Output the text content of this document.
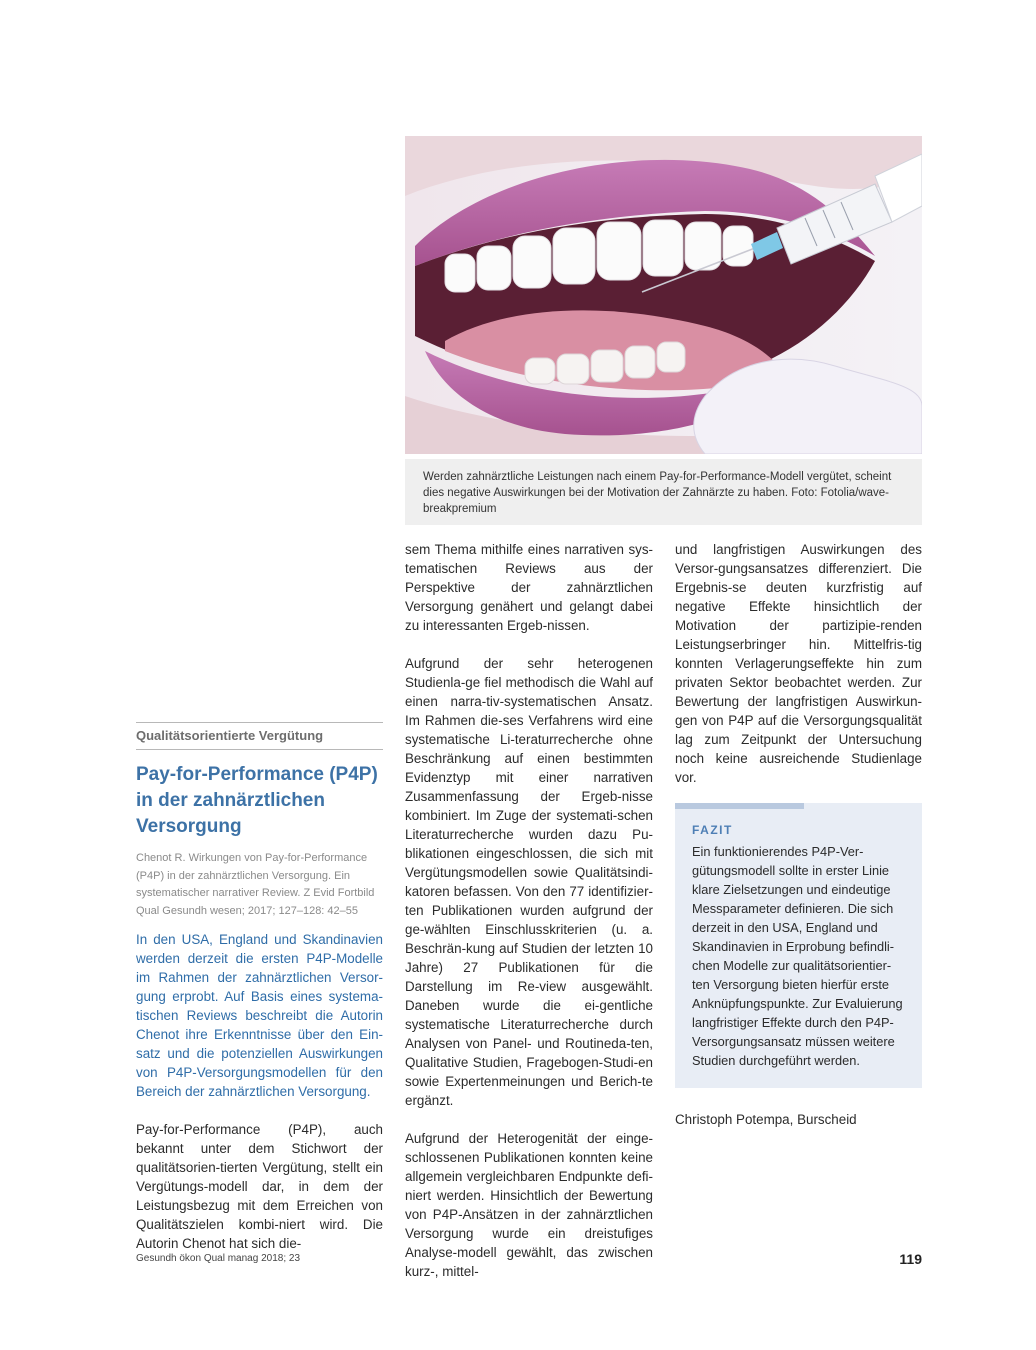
Werden zahnärztliche Leistungen nach einem Pay-for-Performance-Modell vergütet, scheint dies negative Auswirkungen bei der Motivation der Zahnärzte zu haben. Foto: Fotolia/wave-breakpremium
Qualitätsorientierte Vergütung
Pay-for-Performance (P4P) in der zahnärztlichen Versorgung
Chenot R. Wirkungen von Pay-for-Performance (P4P) in der zahnärztlichen Versorgung. Ein systematischer narrativer Review. Z Evid Fortbild Qual Gesundh wesen; 2017; 127–128: 42–55

In den USA, England und Skandinavien werden derzeit die ersten P4P-Modelle im Rahmen der zahnärztlichen Versor-gung erprobt. Auf Basis eines systema-tischen Reviews beschreibt die Autorin Chenot ihre Erkenntnisse über den Ein-satz und die potenziellen Auswirkungen von P4P-Versorgungsmodellen für den Bereich der zahnärztlichen Versorgung.

Pay-for-Performance (P4P), auch bekannt unter dem Stichwort der qualitätsorien-tierten Vergütung, stellt ein Vergütungs-modell dar, in dem der Leistungsbezug mit dem Erreichen von Qualitätszielen kombi-niert wird. Die Autorin Chenot hat sich die-

sem Thema mithilfe eines narrativen sys-tematischen Reviews aus der Perspektive der zahnärztlichen Versorgung genähert und gelangt dabei zu interessanten Ergeb-nissen.

Aufgrund der sehr heterogenen Studienla-ge fiel methodisch die Wahl auf einen narra-tiv-systematischen Ansatz. Im Rahmen die-ses Verfahrens wird eine systematische Li-teraturrecherche ohne Beschränkung auf einen bestimmten Evidenztyp mit einer narrativen Zusammenfassung der Ergeb-nisse kombiniert. Im Zuge der systemati-schen Literaturrecherche wurden dazu Pu-blikationen eingeschlossen, die sich mit Vergütungsmodellen sowie Qualitätsindi-katoren befassen. Von den 77 identifizier-ten Publikationen wurden aufgrund der ge-wählten Einschlusskriterien (u. a. Beschrän-kung auf Studien der letzten 10 Jahre) 27 Publikationen für die Darstellung im Re-view ausgewählt. Daneben wurde die ei-gentliche systematische Literaturrecherche durch Analysen von Panel- und Routineda-ten, Qualitative Studien, Fragebogen-Studi-en sowie Expertenmeinungen und Berich-te ergänzt.

Aufgrund der Heterogenität der einge-schlossenen Publikationen konnten keine allgemein vergleichbaren Endpunkte defi-niert werden. Hinsichtlich der Bewertung von P4P-Ansätzen in der zahnärztlichen Versorgung wurde ein dreistufiges Analyse-modell gewählt, das zwischen kurz-, mittel-

und langfristigen Auswirkungen des Versor-gungsansatzes differenziert. Die Ergebnis-se deuten kurzfristig auf negative Effekte hinsichtlich der Motivation der partizipie-renden Leistungserbringer hin. Mittelfris-tig konnten Verlagerungseffekte hin zum privaten Sektor beobachtet werden. Zur Bewertung der langfristigen Auswirkun-gen von P4P auf die Versorgungsqualität lag zum Zeitpunkt der Untersuchung noch keine ausreichende Studienlage vor.

FAZIT
Ein funktionierendes P4P-Ver-gütungsmodell sollte in erster Linie klare Zielsetzungen und eindeutige Messparameter definieren. Die sich derzeit in den USA, England und Skandinavien in Erprobung befindli-chen Modelle zur qualitätsorientier-ten Versorgung bieten hierfür erste Anknüpfungspunkte. Zur Evaluierung langfristiger Effekte durch den P4P-Versorgungsansatz müssen weitere Studien durchgeführt werden.
Christoph Potempa, Burscheid
Gesundh ökon Qual manag 2018; 23	119
